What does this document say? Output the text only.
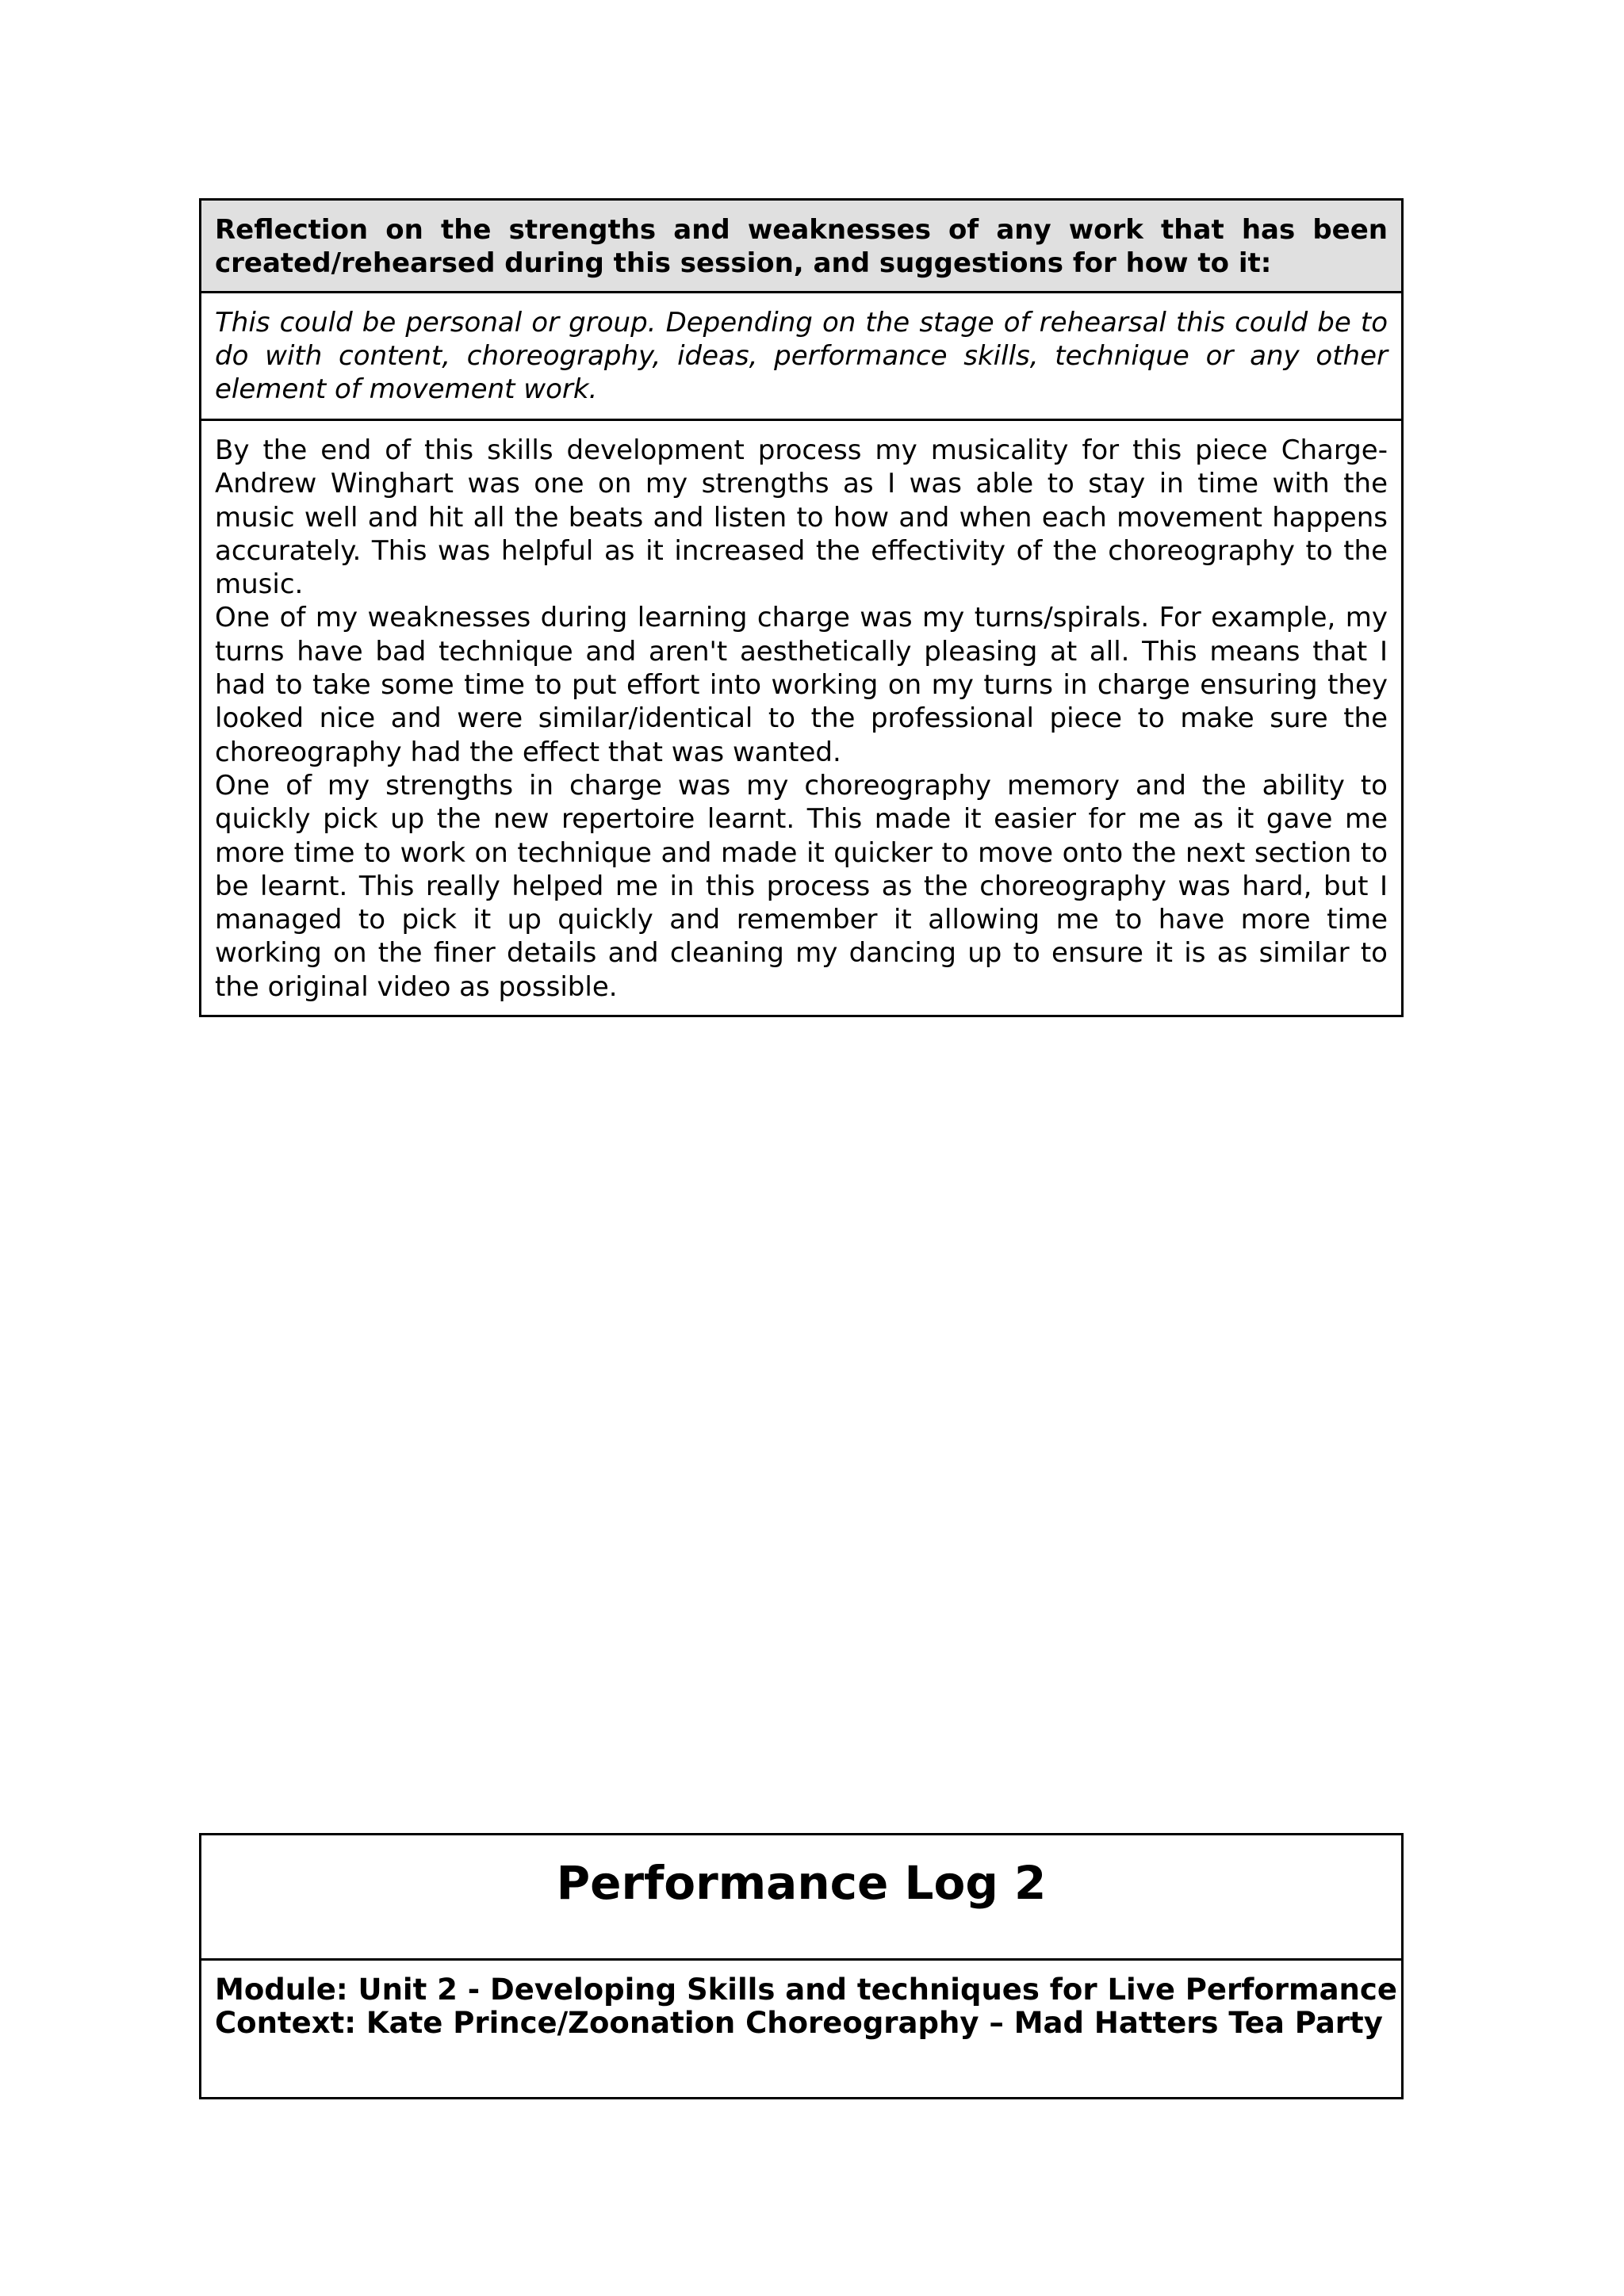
Reflection on the strengths and weaknesses of any work that has been created/rehearsed during this session, and suggestions for how to it:
This could be personal or group. Depending on the stage of rehearsal this could be to do with content, choreography, ideas, performance skills, technique or any other element of movement work.

By the end of this skills development process my musicality for this piece Charge-Andrew Winghart was one on my strengths as I was able to stay in time with the music well and hit all the beats and listen to how and when each movement happens accurately. This was helpful as it increased the effectivity of the choreography to the music.

One of my weaknesses during learning charge was my turns/spirals. For example, my turns have bad technique and aren't aesthetically pleasing at all. This means that I had to take some time to put effort into working on my turns in charge ensuring they looked nice and were similar/identical to the professional piece to make sure the choreography had the effect that was wanted.

One of my strengths in charge was my choreography memory and the ability to quickly pick up the new repertoire learnt. This made it easier for me as it gave me more time to work on technique and made it quicker to move onto the next section to be learnt. This really helped me in this process as the choreography was hard, but I managed to pick it up quickly and remember it allowing me to have more time working on the finer details and cleaning my dancing up to ensure it is as similar to the original video as possible.

Performance Log 2
Module: Unit 2 - Developing Skills and techniques for Live Performance
Context: Kate Prince/Zoonation Choreography – Mad Hatters Tea Party
